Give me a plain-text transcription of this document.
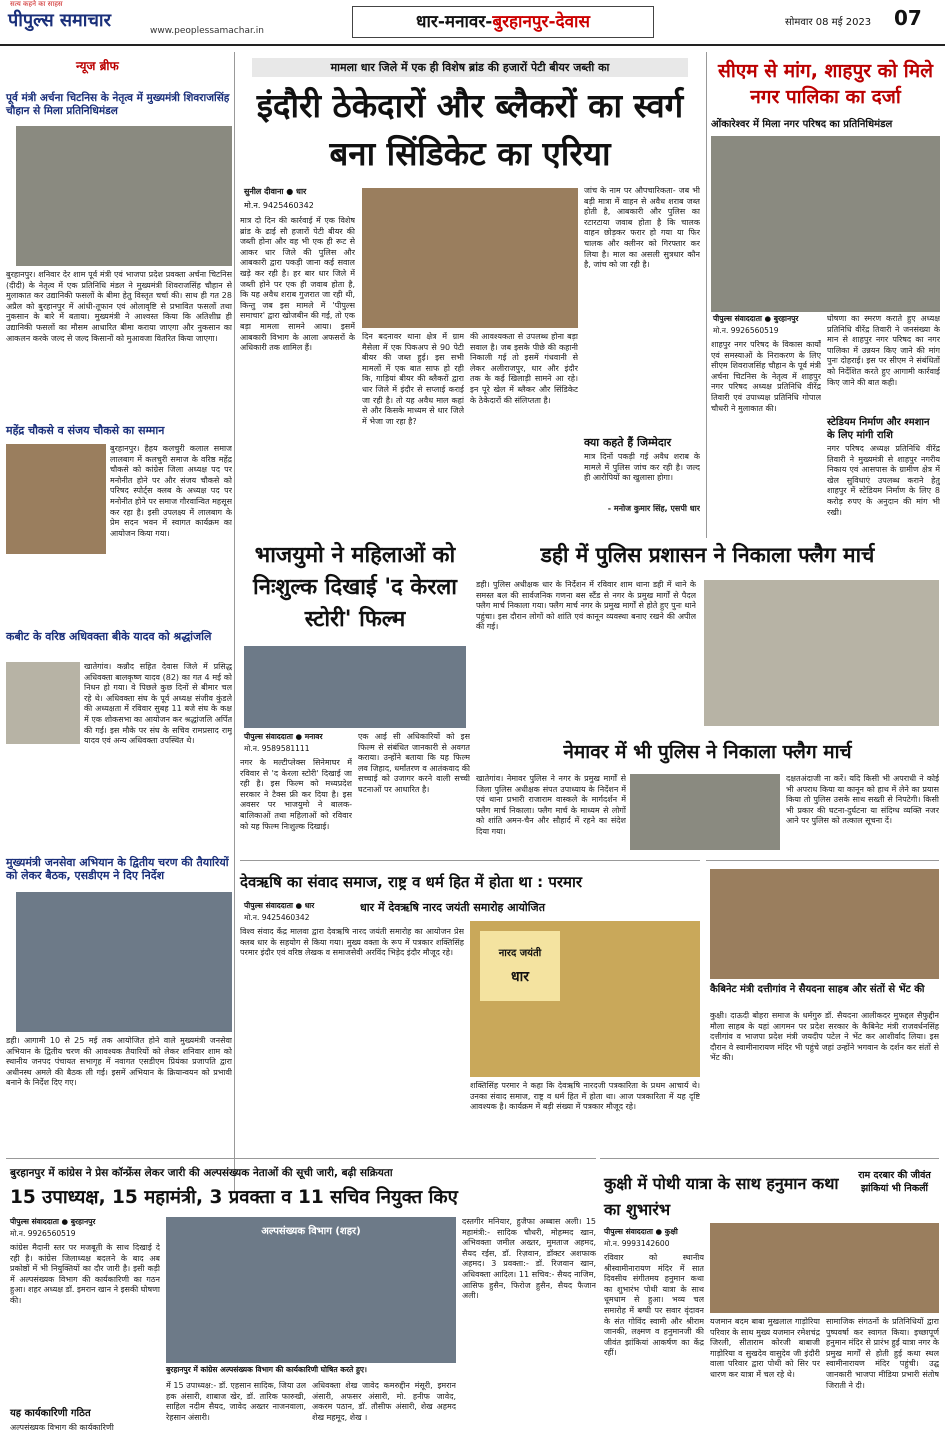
सत्य कहने का साहस
पीपुल्स समाचार	www.peoplessamachar.in	धार-मनावर-बुरहानपुर-देवास	सोमवार 08 मई 2023 07
न्यूज ब्रीफ
पूर्व मंत्री अर्चना चिटनिस के नेतृत्व में मुख्यमंत्री शिवराजसिंह चौहान से मिला प्रतिनिधिमंडल
बुरहानपुर। शनिवार देर शाम पूर्व मंत्री एवं भाजपा प्रदेश प्रवक्ता अर्चना चिटनिस (दीदी) के नेतृत्व में एक प्रतिनिधि मंडल ने मुख्यमंत्री शिवराजसिंह चौहान से मुलाकात कर उद्यानिकी फसलों के बीमा हेतु विस्तृत चर्चा की। साथ ही गत 28 अप्रैल को बुरहानपुर में आंधी-तूफान एवं ओलावृष्टि से प्रभावित फसलों तथा नुकसान के बारे में बताया। मुख्यमंत्री ने आश्वस्त किया कि अतिशीघ्र ही उद्यानिकी फसलों का मौसम आधारित बीमा कराया जाएगा और नुकसान का आकलन करके जल्द से जल्द किसानों को मुआवजा वितरित किया जाएगा।
महेंद्र चौकसे व संजय चौकसे का सम्मान
बुरहानपुर। हैहय कलचुरी कलाल समाज लालबाग में कलचुरी समाज के वरिष्ठ महेंद्र चौकसे को कांग्रेस जिला अध्यक्ष पद पर मनोनीत होने पर और संजय चौकसे को परिषद स्पोर्ट्स क्लब के अध्यक्ष पद पर मनोनीत होने पर समाज गौरवान्वित महसूस कर रहा है। इसी उपलक्ष्य में लालबाग के प्रेम सदन भवन में स्वागत कार्यक्रम का आयोजन किया गया।
कबीट के वरिष्ठ अधिवक्ता बीके यादव को श्रद्धांजलि
खातेगांव। कन्नौद सहित देवास जिले में प्रसिद्ध अधिवक्ता बालकृष्ण यादव (82) का गत 4 मई को निधन हो गया। वे पिछले कुछ दिनों से बीमार चल रहे थे। अधिवक्ता संघ के पूर्व अध्यक्ष संजीव कुंडले की अध्यक्षता में रविवार सुबह 11 बजे संघ के कक्ष में एक शोकसभा का आयोजन कर श्रद्धांजलि अर्पित की गई। इस मौके पर संघ के सचिव रामप्रसाद रामू यादव एवं अन्य अधिवक्ता उपस्थित थे।
मुख्यमंत्री जनसेवा अभियान के द्वितीय चरण की तैयारियों को लेकर बैठक, एसडीएम ने दिए निर्देश
डही। आगामी 10 से 25 मई तक आयोजित होने वाले मुख्यमंत्री जनसेवा अभियान के द्वितीय चरण की आवश्यक तैयारियों को लेकर शनिवार शाम को स्थानीय जनपद पंचायत सभागृह में नवागत एसडीएम प्रियंका प्रजापति द्वारा अधीनस्थ अमले की बैठक ली गई। इसमें अभियान के क्रियान्वयन को प्रभावी बनाने के निर्देश दिए गए।
मामला धार जिले में एक ही विशेष ब्रांड की हजारों पेटी बीयर जब्ती का
इंदौरी ठेकेदारों और ब्लैकरों का स्वर्ग बना सिंडिकेट का एरिया
सुनील दीवाना ● धार
मो.न. 9425460342
मात्र दो दिन की कार्रवाई में एक विशेष ब्रांड के ढाई सौ हजारों पेटी बीयर की जब्ती होना और वह भी एक ही रूट से आकर धार जिले की पुलिस और आबकारी द्वारा पकड़ी जाना कई सवाल खड़े कर रही है। हर बार धार जिले में जब्ती होने पर एक ही जवाब होता है, कि यह अवैध शराब गुजरात जा रही थी, किन्तु जब इस मामले में 'पीपुल्स समाचार' द्वारा खोजबीन की गई, तो एक बड़ा मामला सामने आया। इसमें आबकारी विभाग के आला अफसरों के अधिकारी तक शामिल हैं।
दिन बदनावर थाना क्षेत्र में ग्राम मैसेला में एक पिकअप से 90 पेटी बीयर की जब्त हुई। इस सभी मामलों में एक बात साफ हो रही कि, गाड़ियां बीयर की ब्लैकरों द्वारा धार जिले में इंदौर से सप्लाई कराई जा रही है। तो यह अवैध माल कहां से और किसके माध्यम से धार जिले में भेजा जा रहा है?
की आवश्यकता से उपलब्ध होना बड़ा सवाल है। जब इसके पीछे की कहानी निकाली गई तो इसमें गंधवानी से लेकर अलीराजपुर, धार और इंदौर तक के कई खिलाड़ी सामने आ रहे। इन पूरे खेल में ब्लैकर और सिंडिकेट के ठेकेदारों की संलिप्तता है।
जांच के नाम पर औपचारिकता- जब भी बड़ी मात्रा में वाहन से अवैध शराब जब्त होती है, आबकारी और पुलिस का रटारटाया जवाब होता है कि चालक वाहन छोड़कर फरार हो गया या फिर चालक और क्लीनर को गिरफ्तार कर लिया है। माल का असली सुत्रधार कौन है, जांच को जा रही है।
क्या कहते हैं जिम्मेदार
मात्र दिनों पकड़ी गई अवैध शराब के मामले में पुलिस जांच कर रही है। जल्द ही आरोपियों का खुलासा होगा।
- मनोज कुमार सिंह, एसपी धार
सीएम से मांग, शाहपुर को मिले नगर पालिका का दर्जा
ओंकारेश्वर में मिला नगर परिषद का प्रतिनिधिमंडल
पीपुल्स संवाददाता ● बुरहानपुर
मो.न. 9926560519
शाहपुर नगर परिषद के विकास कार्यों एवं समस्याओं के निराकरण के लिए सीएम शिवराजसिंह चौहान के पूर्व मंत्री अर्चना चिटनिस के नेतृत्व में शाहपुर नगर परिषद अध्यक्ष प्रतिनिधि वीरेंद्र तिवारी एवं उपाध्यक्ष प्रतिनिधि गोपाल चौधरी ने मुलाकात की।
घोषणा का स्मरण कराते हुए अध्यक्ष प्रतिनिधि वीरेंद्र तिवारी ने जनसंख्या के मान से शाहपुर नगर परिषद का नगर पालिका में उन्नयन किए जाने की मांग पुनः दोहराई। इस पर सीएम ने संबंधितों को निर्देशित करते हुए आगामी कार्रवाई किए जाने की बात कही।
स्टेडियम निर्माण और श्मशान के लिए मांगी राशि
नगर परिषद अध्यक्ष प्रतिनिधि वीरेंद्र तिवारी ने मुख्यमंत्री से शाहपुर नगरीय निकाय एवं आसपास के ग्रामीण क्षेत्र में खेल सुविधाएं उपलब्ध कराने हेतु शाहपुर में स्टेडियम निर्माण के लिए 8 करोड़ रुपए के अनुदान की मांग भी रखी।
भाजयुमो ने महिलाओं को निःशुल्क दिखाई 'द केरला स्टोरी' फिल्म
पीपुल्स संवाददाता ● मनावर
मो.न. 9589581111
नगर के मल्टीप्लेक्स सिनेमाघर में रविवार से 'द केरला स्टोरी' दिखाई जा रही है। इस फिल्म को मध्यप्रदेश सरकार ने टैक्स फ्री कर दिया है। इस अवसर पर भाजयुमो ने बालक-बालिकाओं तथा महिलाओं को रविवार को यह फिल्म निःशुल्क दिखाई।
एक आई सी अधिकारियों को इस फिल्म से संबंधित जानकारी से अवगत कराया। उन्होंने बताया कि यह फिल्म लव जिहाद, धर्मांतरण व आतंकवाद की सच्चाई को उजागर करने वाली सच्ची घटनाओं पर आधारित है।
डही में पुलिस प्रशासन ने निकाला फ्लैग मार्च
डही। पुलिस अधीक्षक धार के निर्देशन में रविवार शाम थाना डही में थाने के समस्त बल की सार्वजनिक गणना बस स्टैंड से नगर के प्रमुख मार्गों से पैदल फ्लैग मार्च निकाला गया। फ्लैग मार्च नगर के प्रमुख मार्गों से होते हुए पुनः थाने पहुंचा। इस दौरान लोगों को शांति एवं कानून व्यवस्था बनाए रखने की अपील की गई।
नेमावर में भी पुलिस ने निकाला फ्लैग मार्च
खातेगांव। नेमावर पुलिस ने नगर के प्रमुख मार्गों से जिला पुलिस अधीक्षक संपत उपाध्याय के निर्देशन में एवं थाना प्रभारी राजाराम वास्कले के मार्गदर्शन में फ्लैग मार्च निकाला। फ्लैग मार्च के माध्यम से लोगों को शांति अमन-चैन और सौहार्द में रहने का संदेश दिया गया।
दक्षतअंदाजी ना करें। यदि किसी भी अपराधी ने कोई भी अपराध किया या कानून को हाथ में लेने का प्रयास किया तो पुलिस उसके साथ सख्ती से निपटेगी। किसी भी प्रकार की घटना-दुर्घटना या संदिग्ध व्यक्ति नजर आने पर पुलिस को तत्काल सूचना दें।
देवऋषि का संवाद समाज, राष्ट्र व धर्म हित में होता था : परमार
पीपुल्स संवाददाता ● धार
मो.न. 9425460342
धार में देवऋषि नारद जयंती समारोह आयोजित
विश्व संवाद केंद्र मालवा द्वारा देवऋषि नारद जयंती समारोह का आयोजन प्रेस क्लब धार के सहयोग से किया गया। मुख्य वक्ता के रूप में पत्रकार शक्तिसिंह परमार इंदौर एवं वरिष्ठ लेखक व समाजसेवी अरविंद भिड़ेद इंदौर मौजूद रहे।	नारद जयंती
धार
शक्तिसिंह परमार ने कहा कि देवऋषि नारदजी पत्रकारिता के प्रथम आचार्य थे। उनका संवाद समाज, राष्ट्र व धर्म हित में होता था। आज पत्रकारिता में यह दृष्टि आवश्यक है। कार्यक्रम में बड़ी संख्या में पत्रकार मौजूद रहे।
कैबिनेट मंत्री दत्तीगांव ने सैयदना साहब और संतों से भेंट की
कुक्षी। दाऊदी बोहरा समाज के धर्मगुरु डॉ. सैयदना आलीकदर मुफद्दल सैफुद्दीन मौला साहब के यहां आगमन पर प्रदेश सरकार के कैबिनेट मंत्री राजवर्धनसिंह दत्तीगांव व भाजपा प्रदेश मंत्री जयदीप पटेल ने भेंट कर आशीर्वाद लिया। इस दौरान वे स्वामीनारायण मंदिर भी पहुंचे जहां उन्होंने भगवान के दर्शन कर संतों से भेंट की।
बुरहानपुर में कांग्रेस ने प्रेस कॉन्फ्रेंस लेकर जारी की अल्पसंख्यक नेताओं की सूची जारी, बढ़ी सक्रियता
15 उपाध्यक्ष, 15 महामंत्री, 3 प्रवक्ता व 11 सचिव नियुक्त किए
पीपुल्स संवाददाता ● बुरहानपुर
मो.न. 9926560519
कांग्रेस मैदानी स्तर पर मजबूती के साथ दिखाई दे रही है। कांग्रेस जिलाध्यक्ष बदलने के बाद अब प्रकोष्ठों में भी नियुक्तियों का दौर जारी है। इसी कड़ी में अल्पसंख्यक विभाग की कार्यकारिणी का गठन हुआ। शहर अध्यक्ष डॉ. इमरान खान ने इसकी घोषणा की।
यह कार्यकारिणी गठित
अल्पसंख्यक विभाग की कार्यकारिणी
अल्पसंख्यक विभाग (शहर)
बुरहानपुर में कांग्रेस अल्पसंख्यक विभाग की कार्यकारिणी घोषित करते हुए।
में 15 उपाध्यक्ष:- डॉ. एहसान सादिक, जिया उल हक अंसारी, शाबाज खेर, डॉ. तारिक फारुखी, साहिल नदीम सैयद, जावेद अख्तर नाजनवाला, रेहसान अंसारी।
अधिवक्ता शेख जावेद कमरुद्दीन मंसूरी, इमरान अंसारी, अफसर अंसारी, मो. हनीफ जावेद, अकरम पठान, डॉ. तौसीफ अंसारी, शेख अहमद शेख महमूद, शेख ।
दस्तगीर मनियार, हुजैफा अब्बास अली। 15 महामंत्री:- सादिक चौधरी, मोहम्मद खान, अभिवक्ता जमील अख्तर, मुमताज अहमद, सैयद रईस, डॉ. रिज़वान, डॉक्टर अशफाक अहमद। 3 प्रवक्ता:- डॉ. रिजवान खान, अधिवक्ता आदिल। 11 सचिव:- सैयद नाजिम, आसिफ हुसैन, फिरोज हुसैन, सैयद फैजान अली।
कुक्षी में पोथी यात्रा के साथ हनुमान कथा का शुभारंभ
राम दरबार की जीवंत झांकियां भी निकलीं
पीपुल्स संवाददाता ● कुक्षी
मो.न. 9993142600
रविवार को स्थानीय श्रीस्वामीनारायण मंदिर में सात दिवसीय संगीतमय हनुमान कथा का शुभारंभ पोथी यात्रा के साथ धूमधाम से हुआ। भव्य चल समारोह में बग्घी पर सवार वृंदावन के संत गोविंद स्वामी और श्रीराम जानकी, लक्ष्मण व हनुमानजी की जीवंत झांकियां आकर्षण का केंद्र रहीं।
यजमान बदम बाबा मुखलाल गाड़ोरिया परिवार के साथ मुख्य यजमान रमेशचंद्र जिरली, सीताराम कोरजी बाबाजी गाड़ोरिया व सुखदेव वासुदेव जी इंदौरी वाला परिवार द्वारा पोथी को सिर पर धारण कर यात्रा में चल रहे थे।
सामाजिक संगठनों के प्रतिनिधियों द्वारा पुष्पवर्षा कर स्वागत किया। इच्छापूर्ण हनुमान मंदिर से प्रारंभ हुई यात्रा नगर के प्रमुख मार्गों से होती हुई कथा स्थल स्वामीनारायण मंदिर पहुंची। उद्घ जानकारी भाजपा मीडिया प्रभारी संतोष जिराती ने दी।
